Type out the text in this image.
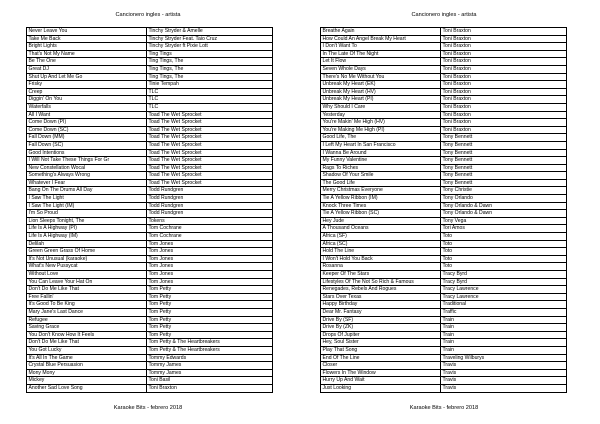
Cancionero ingles - artista
Never Leave You	Tinchy Stryder & Amelle
Take Me Back	Tinchy Stryder Feat. Taio Cruz
Bright Lights	Tinchy Stryder ft Pixie Lott
That's Not My Name	Ting Tings
Be The One	Ting Tings, The
Great DJ	Ting Tings, The
Shut Up And Let Me Go	Ting Tings, The
Frisky	Tinie Tempah
Creep	TLC
Diggin' On You	TLC
Waterfalls	TLC
All I Want	Toad The Wet Sprocket
Come Down (PI)	Toad The Wet Sprocket
Come Down (SC)	Toad The Wet Sprocket
Fall Down (MM)	Toad The Wet Sprocket
Fall Down (SC)	Toad The Wet Sprocket
Good Intentions	Toad The Wet Sprocket
I Will Not Take These Things For Gr	Toad The Wet Sprocket
New Constellation Wocal	Toad The Wet Sprocket
Something's Always Wrong	Toad The Wet Sprocket
Whatever I Fear	Toad The Wet Sprocket
Bang On The Drums All Day	Todd Rundgren
I Saw The Light	Todd Rundgren
I Saw The Light (IM)	Todd Rundgren
I'm So Proud	Todd Rundgren
Lion Sleeps Tonight, The	Tokens
Life Is A Highway (PI)	Tom Cochrane
Life Is A Highway (IM)	Tom Cochrane
Delilah	Tom Jones
Green Green Grass Of Home	Tom Jones
It's Not Unusual (karaoke)	Tom Jones
What's New Pussycat	Tom Jones
Without Love	Tom Jones
You Can Leave Your Hat On	Tom Jones
Don't Do Me Like That	Tom Petty
Free Fallin'	Tom Petty
It's Good To Be King	Tom Petty
Mary Jane's Last Dance	Tom Petty
Refugee	Tom Petty
Saving Grace	Tom Petty
You Don't Know How It Feels	Tom Petty
Don't Do Me Like That	Tom Petty & The Heartbreakers
You Got Lucky	Tom Petty & The Heartbreakers
It's All In The Game	Tommy Edwards
Crystal Blue Persuasion	Tommy James
Mony Mony	Tommy James
Mickey	Toni Basil
Another Sad Love Song	Toni Braxton
Karaoke Bits - febrero 2018
Cancionero ingles - artista
Breathe Again	Toni Braxton
How Could An Angel Break My Heart	Toni Braxton
I Don't Want To	Toni Braxton
In The Late Of The Night	Toni Braxton
Let It Flow	Toni Braxton
Seven Whole Days	Toni Braxton
There's No Me Without You	Toni Braxton
Unbreak My Heart (EK)	Toni Braxton
Unbreak My Heart (HV)	Toni Braxton
Unbreak My Heart (PI)	Toni Braxton
Why Should I Care	Toni Braxton
Yesterday	Toni Braxton
You're Makin' Me High (HV)	Toni Braxton
You're Making Me High (PI)	Toni Braxton
Good Life, The	Tony Bennett
I Left My Heart In San Francisco	Tony Bennett
I Wanna Be Around	Tony Bennett
My Funny Valentine	Tony Bennett
Rags To Riches	Tony Bennett
Shadow Of Your Smile	Tony Bennett
The Good Life	Tony Bennett
Merry Christmas Everyone	Tony Christie
Tie A Yellow Ribbon (IM)	Tony Orlando
Knock Three Times	Tony Orlando & Dawn
Tie A Yellow Ribbon (SC)	Tony Orlando & Dawn
Hey Jude	Tony Vega
A Thousand Oceans	Tori Amos
Africa (SF)	Toto
Africa (SC)	Toto
Hold The Line	Toto
I Won't Hold You Back	Toto
Rosanna	Toto
Keeper Of The Stars	Tracy Byrd
Lifestyles Of The Not So Rich & Famous	Tracy Byrd
Renegades, Rebels And Rogues	Tracy Lawrence
Stars Over Texas	Tracy Lawrence
Happy Birthday	Traditional
Dear Mr. Fantasy	Traffic
Drive By (SF)	Train
Drive By (ZK)	Train
Drops Of Jupiter	Train
Hey, Soul Sister	Train
Play That Song	Train
End Of The Line	Traveling Wilburys
Closer	Travis
Flowers In The Window	Travis
Hurry Up And Wait	Travis
Just Looking	Travis
Karaoke Bits - febrero 2018
